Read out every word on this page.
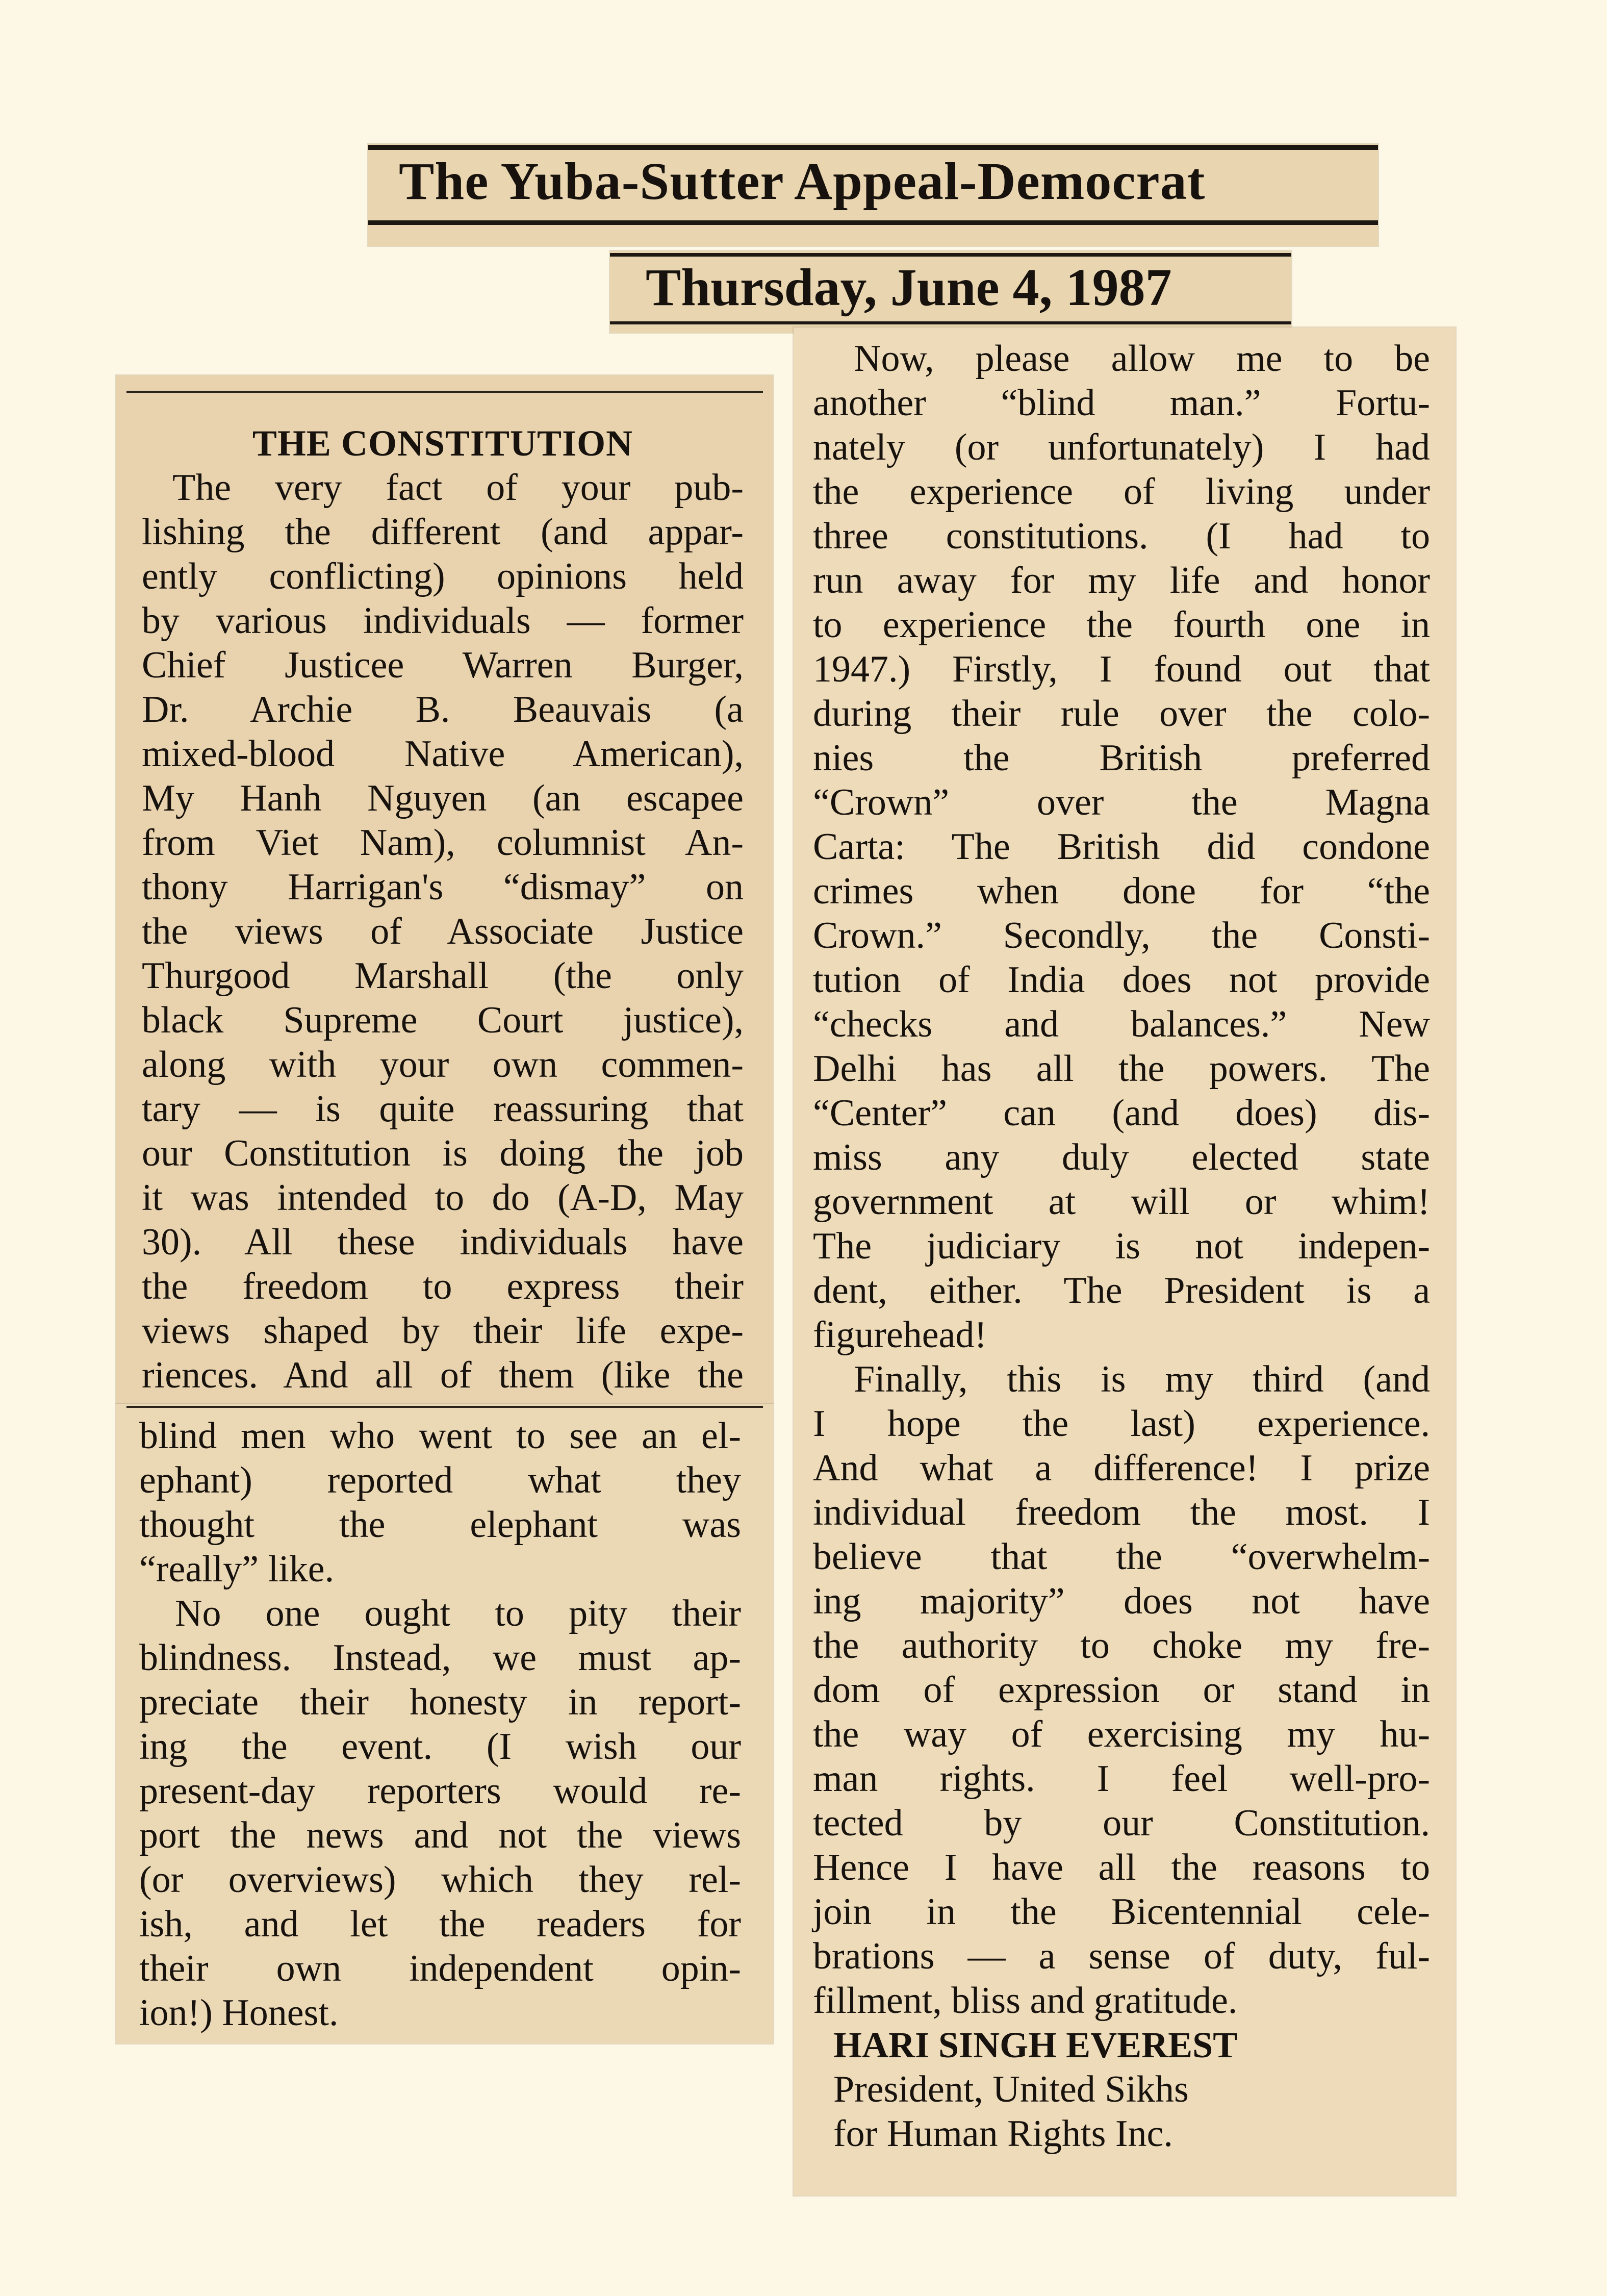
The Yuba-Sutter Appeal-Democrat
Thursday, June 4, 1987
THE CONSTITUTION
The very fact of your pub-
lishing the different (and appar-
ently conflicting) opinions held
by various individuals — former
Chief Justicee Warren Burger,
Dr. Archie B. Beauvais (a
mixed-blood Native American),
My Hanh Nguyen (an escapee
from Viet Nam), columnist An-
thony Harrigan's “dismay” on
the views of Associate Justice
Thurgood Marshall (the only
black Supreme Court justice),
along with your own commen-
tary — is quite reassuring that
our Constitution is doing the job
it was intended to do (A-D, May
30). All these individuals have
the freedom to express their
views shaped by their life expe-
riences. And all of them (like the
blind men who went to see an el-
ephant) reported what they
thought the elephant was
“really” like.
No one ought to pity their
blindness. Instead, we must ap-
preciate their honesty in report-
ing the event. (I wish our
present-day reporters would re-
port the news and not the views
(or overviews) which they rel-
ish, and let the readers for
their own independent opin-
ion!) Honest.
Now, please allow me to be
another “blind man.” Fortu-
nately (or unfortunately) I had
the experience of living under
three constitutions. (I had to
run away for my life and honor
to experience the fourth one in
1947.) Firstly, I found out that
during their rule over the colo-
nies the British preferred
“Crown” over the Magna
Carta: The British did condone
crimes when done for “the
Crown.” Secondly, the Consti-
tution of India does not provide
“checks and balances.” New
Delhi has all the powers. The
“Center” can (and does) dis-
miss any duly elected state
government at will or whim!
The judiciary is not indepen-
dent, either. The President is a
figurehead!
Finally, this is my third (and
I hope the last) experience.
And what a difference! I prize
individual freedom the most. I
believe that the “overwhelm-
ing majority” does not have
the authority to choke my fre-
dom of expression or stand in
the way of exercising my hu-
man rights. I feel well-pro-
tected by our Constitution.
Hence I have all the reasons to
join in the Bicentennial cele-
brations — a sense of duty, ful-
fillment, bliss and gratitude.
HARI SINGH EVEREST
President, United Sikhs
for Human Rights Inc.
